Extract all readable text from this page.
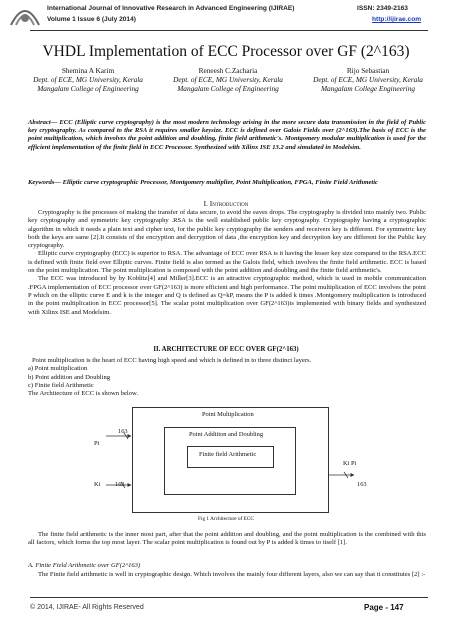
International Journal of Innovative Research in Advanced Engineering (IJIRAE)	ISSN: 2349-2163
Volume 1 Issue 6 (July 2014)	http://ijirae.com
VHDL Implementation of ECC Processor over GF (2^163)
Shemina A Karim
Dept. of ECE, MG University, Kerala
Mangalam College of Engineering
Reneesh C.Zacharia
Dept. of ECE, MG University, Kerala
Mangalam College of Engineering
Rijo Sebastian
Dept. of ECE, MG University, Kerala
Mangalam College Engineering
Abstract— ECC (Elliptic curve cryptography) is the most modern technology arising in the more secure data transmission in the field of Public key cryptography. As compared to the RSA it requires smaller keysize. ECC is defined over Galois Fields over (2^163).The basis of ECC is the point multiplication, which involves the point addition and doubling, finite field arithmetic's. Montgomery modular multiplication is used for the efficient implementation of the finite field in ECC Processor. Synthesized with Xilinx ISE 13.2 and simulated in Modelsim.
Keywords— Elliptic curve cryptographic Processor, Montgomery multiplier, Point Multiplication, FPGA, Finite Field Arithmetic
I. Introduction

Cryptography is the processes of making the transfer of data secure, to avoid the eaves drops. The cryptography is divided into mainly two. Public key cryptography and symmetric key cryptography .RSA is the well established public key cryptography. Cryptography having a cryptographic algorithm in which it needs a plain text and cipher text, for the public key cryptography the senders and receivers key is different. For symmetric key both the keys are same [2].It consists of the encryption and decryption of data ,the encryption key and decryption key are different for the Public key cryptography.

Elliptic curve cryptography (ECC) is superior to RSA. The advantage of ECC over RSA is it having the lesser key size compared to the RSA.ECC is defined with finite field over Elliptic curves. Finite field is also termed as the Galois field, which involves the finite field arithmetic. ECC is based on the point multiplication. The point multiplication is composed with the point addition and doubling and the finite field arithmetic's.

The ECC was introduced by by Koblitz[4] and Miller[3].ECC is an attractive cryptographic method, which is used in mobile communication .FPGA implementation of ECC processor over GF(2^163) is more efficient and high performance. The point multiplication of ECC involves the point P which on the elliptic curve E and k is the integer and Q is defined as Q=kP, means the P is added k times .Montgomery multiplication is introduced in the point multiplication in ECC processor[5]. The scalar point multiplication over GF(2^163)is implemented with binary fields and synthesized with Xilinx ISE and Modelsim.

II. ARCHITECTURE OF ECC OVER GF(2^163)
Point multiplication is the heart of ECC having high speed and which is defined in to three distinct layers.
a) Point multiplication
b) Point addition and Doubling
c) Finite field Arithmetic
The Architecture of ECC is shown below.
Point Multiplication
Point Addition and Doubling
Finite field Arithmetic
Pi
163
Ki 163
Ki Pi
163
Fig 1 Architecture of ECC

The finite field arithmetic is the inner most part, after that the point addition and doubling, and the point multiplication is the combined with this all factors, which forms the top most layer. The scalar point multiplication is found out by P is added k times to itself [1].

A. Finite Field Arithmetic over GF(2^163)

The Finite field arithmetic is well in cryptographic design. Which involves the mainly four different layers, also we can say that it constitutes [2] :-

© 2014, IJIRAE- All Rights Reserved	Page - 147
